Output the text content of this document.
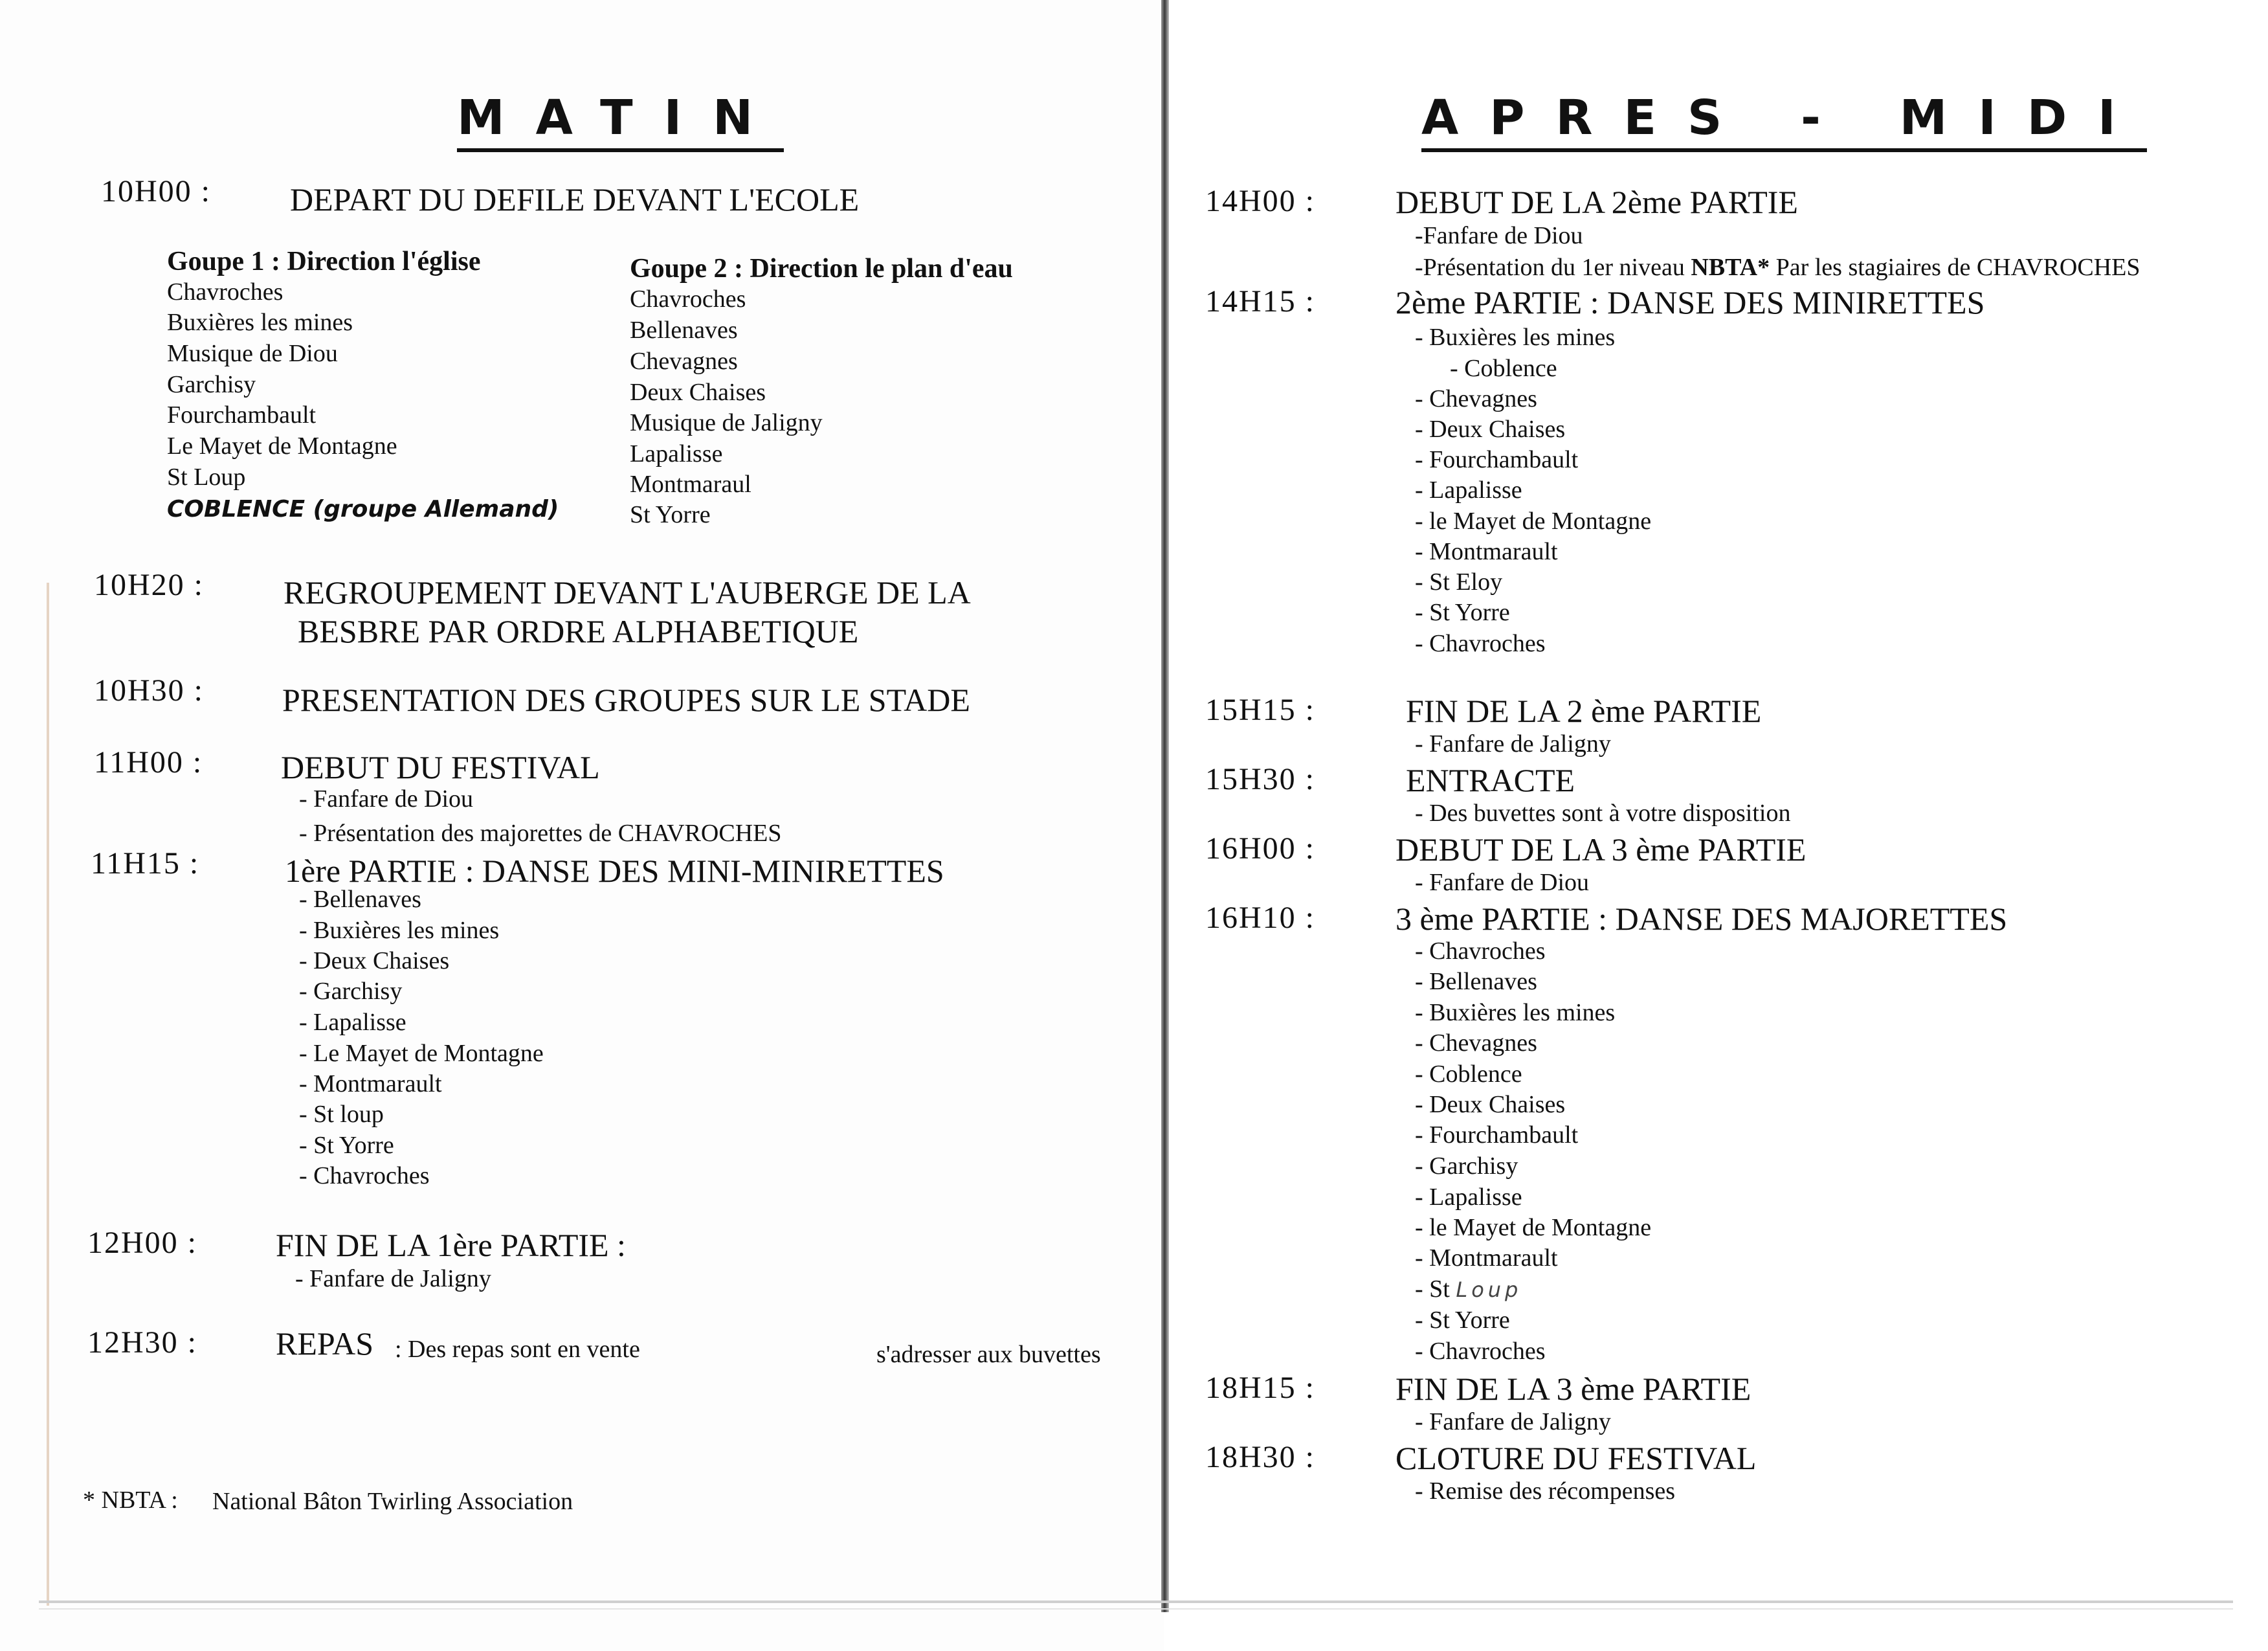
MATIN
10H00 : DEPART DU DEFILE DEVANT L'ECOLE
Goupe 1 : Direction l'église
Chavroches
Buxières les mines
Musique de Diou
Garchisy
Fourchambault
Le Mayet de Montagne
St Loup
COBLENCE (groupe Allemand)
Goupe 2 : Direction le plan d'eau
Chavroches
Bellenaves
Chevagnes
Deux Chaises
Musique de Jaligny
Lapalisse
Montmaraul
St Yorre
10H20 : REGROUPEMENT DEVANT L'AUBERGE DE LA
BESBRE PAR ORDRE ALPHABETIQUE
10H30 : PRESENTATION DES GROUPES SUR LE STADE
11H00 : DEBUT DU FESTIVAL
- Fanfare de Diou
- Présentation des majorettes de CHAVROCHES
11H15 :	1ère PARTIE : DANSE DES MINI-MINIRETTES
- Bellenaves
- Buxières les mines
- Deux Chaises
- Garchisy
- Lapalisse
- Le Mayet de Montagne
- Montmarault
- St loup
- St Yorre
- Chavroches
12H00 : FIN DE LA 1ère PARTIE :
- Fanfare de Jaligny
12H30 : REPAS : Des repas sont en vente	s'adresser aux buvettes
* NBTA : National Bâton Twirling Association
APRES - MIDI
14H00 : DEBUT DE LA 2ème PARTIE
-Fanfare de Diou
-Présentation du 1er niveau NBTA* Par les stagiaires de CHAVROCHES
14H15 : 2ème PARTIE : DANSE DES MINIRETTES
- Buxières les mines
- Coblence
- Chevagnes
- Deux Chaises
- Fourchambault
- Lapalisse
- le Mayet de Montagne
- Montmarault
- St Eloy
- St Yorre
- Chavroches
15H15 :	FIN DE LA 2 ème PARTIE
- Fanfare de Jaligny
15H30 :	ENTRACTE
- Des buvettes sont à votre disposition
16H00 : DEBUT DE LA 3 ème PARTIE
- Fanfare de Diou
16H10 : 3 ème PARTIE : DANSE DES MAJORETTES
- Chavroches
- Bellenaves
- Buxières les mines
- Chevagnes
- Coblence
- Deux Chaises
- Fourchambault
- Garchisy
- Lapalisse
- le Mayet de Montagne
- Montmarault
- St Loup
- St Yorre
- Chavroches
18H15 : FIN DE LA 3 ème PARTIE
- Fanfare de Jaligny
18H30 : CLOTURE DU FESTIVAL
- Remise des récompenses
